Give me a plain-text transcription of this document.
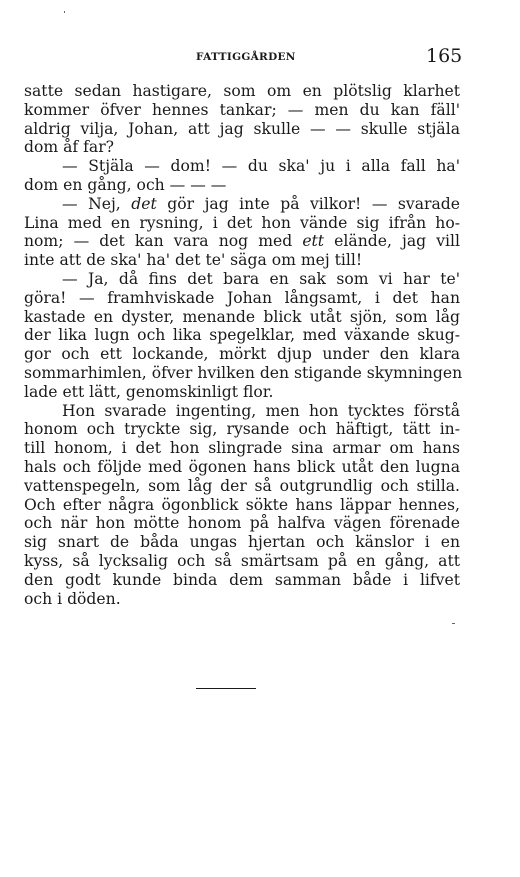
FATTIGGÅRDEN	165
satte sedan hastigare, som om en plötslig klarhet
kommer öfver hennes tankar; — men du kan fäll'
aldrig vilja, Johan, att jag skulle — — skulle stjäla
dom åf far?
— Stjäla — dom! — du ska' ju i alla fall ha'
dom en gång, och — — —
— Nej, det gör jag inte på vilkor! — svarade
Lina med en rysning, i det hon vände sig ifrån ho-
nom; — det kan vara nog med ett elände, jag vill
inte att de ska' ha' det te' säga om mej till!
— Ja, då fins det bara en sak som vi har te'
göra! — framhviskade Johan långsamt, i det han
kastade en dyster, menande blick utåt sjön, som låg
der lika lugn och lika spegelklar, med växande skug-
gor och ett lockande, mörkt djup under den klara
sommarhimlen, öfver hvilken den stigande skymningen
lade ett lätt, genomskinligt flor.
Hon svarade ingenting, men hon tycktes förstå
honom och tryckte sig, rysande och häftigt, tätt in-
till honom, i det hon slingrade sina armar om hans
hals och följde med ögonen hans blick utåt den lugna
vattenspegeln, som låg der så outgrundlig och stilla.
Och efter några ögonblick sökte hans läppar hennes,
och när hon mötte honom på halfva vägen förenade
sig snart de båda ungas hjertan och känslor i en
kyss, så lycksalig och så smärtsam på en gång, att
den godt kunde binda dem samman både i lifvet
och i döden.
